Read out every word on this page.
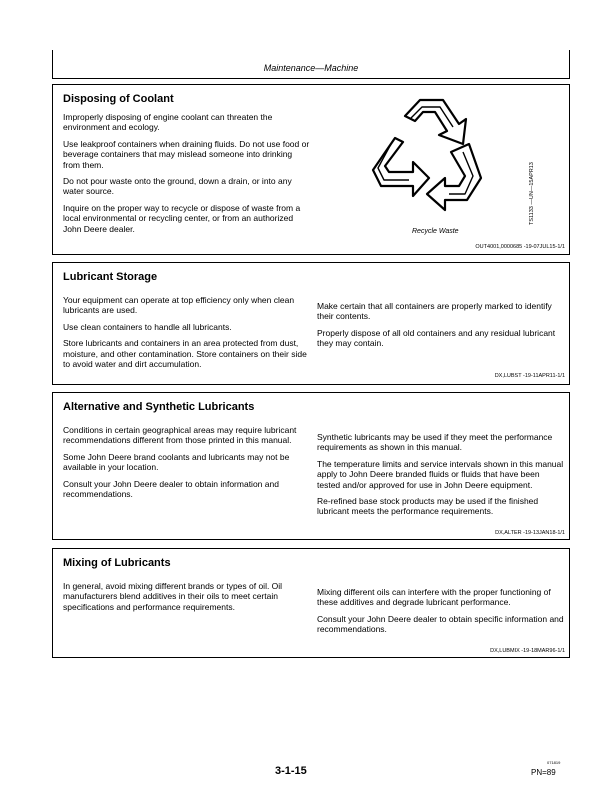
Maintenance—Machine
Disposing of Coolant

Improperly disposing of engine coolant can threaten the environment and ecology.

Use leakproof containers when draining fluids. Do not use food or beverage containers that may mislead someone into drinking from them.

Do not pour waste onto the ground, down a drain, or into any water source.

Inquire on the proper way to recycle or dispose of waste from a local environmental or recycling center, or from an authorized John Deere dealer.	Recycle Waste
TS1133 —UN—15APR13
OUT4001,0000685 -19-07JUL15-1/1
Lubricant Storage

Your equipment can operate at top efficiency only when clean lubricants are used.

Use clean containers to handle all lubricants.

Store lubricants and containers in an area protected from dust, moisture, and other contamination. Store containers on their side to avoid water and dirt accumulation.

Make certain that all containers are properly marked to identify their contents.

Properly dispose of all old containers and any residual lubricant they may contain.

DX,LUBST -19-11APR11-1/1
Alternative and Synthetic Lubricants

Conditions in certain geographical areas may require lubricant recommendations different from those printed in this manual.

Some John Deere brand coolants and lubricants may not be available in your location.

Consult your John Deere dealer to obtain information and recommendations.

Synthetic lubricants may be used if they meet the performance requirements as shown in this manual.

The temperature limits and service intervals shown in this manual apply to John Deere branded fluids or fluids that have been tested and/or approved for use in John Deere equipment.

Re-refined base stock products may be used if the finished lubricant meets the performance requirements.

DX,ALTER -19-13JAN18-1/1
Mixing of Lubricants

In general, avoid mixing different brands or types of oil. Oil manufacturers blend additives in their oils to meet certain specifications and performance requirements.

Mixing different oils can interfere with the proper functioning of these additives and degrade lubricant performance.

Consult your John Deere dealer to obtain specific information and recommendations.

DX,LUBMIX -19-18MAR96-1/1
3-1-15
071819
PN=89
